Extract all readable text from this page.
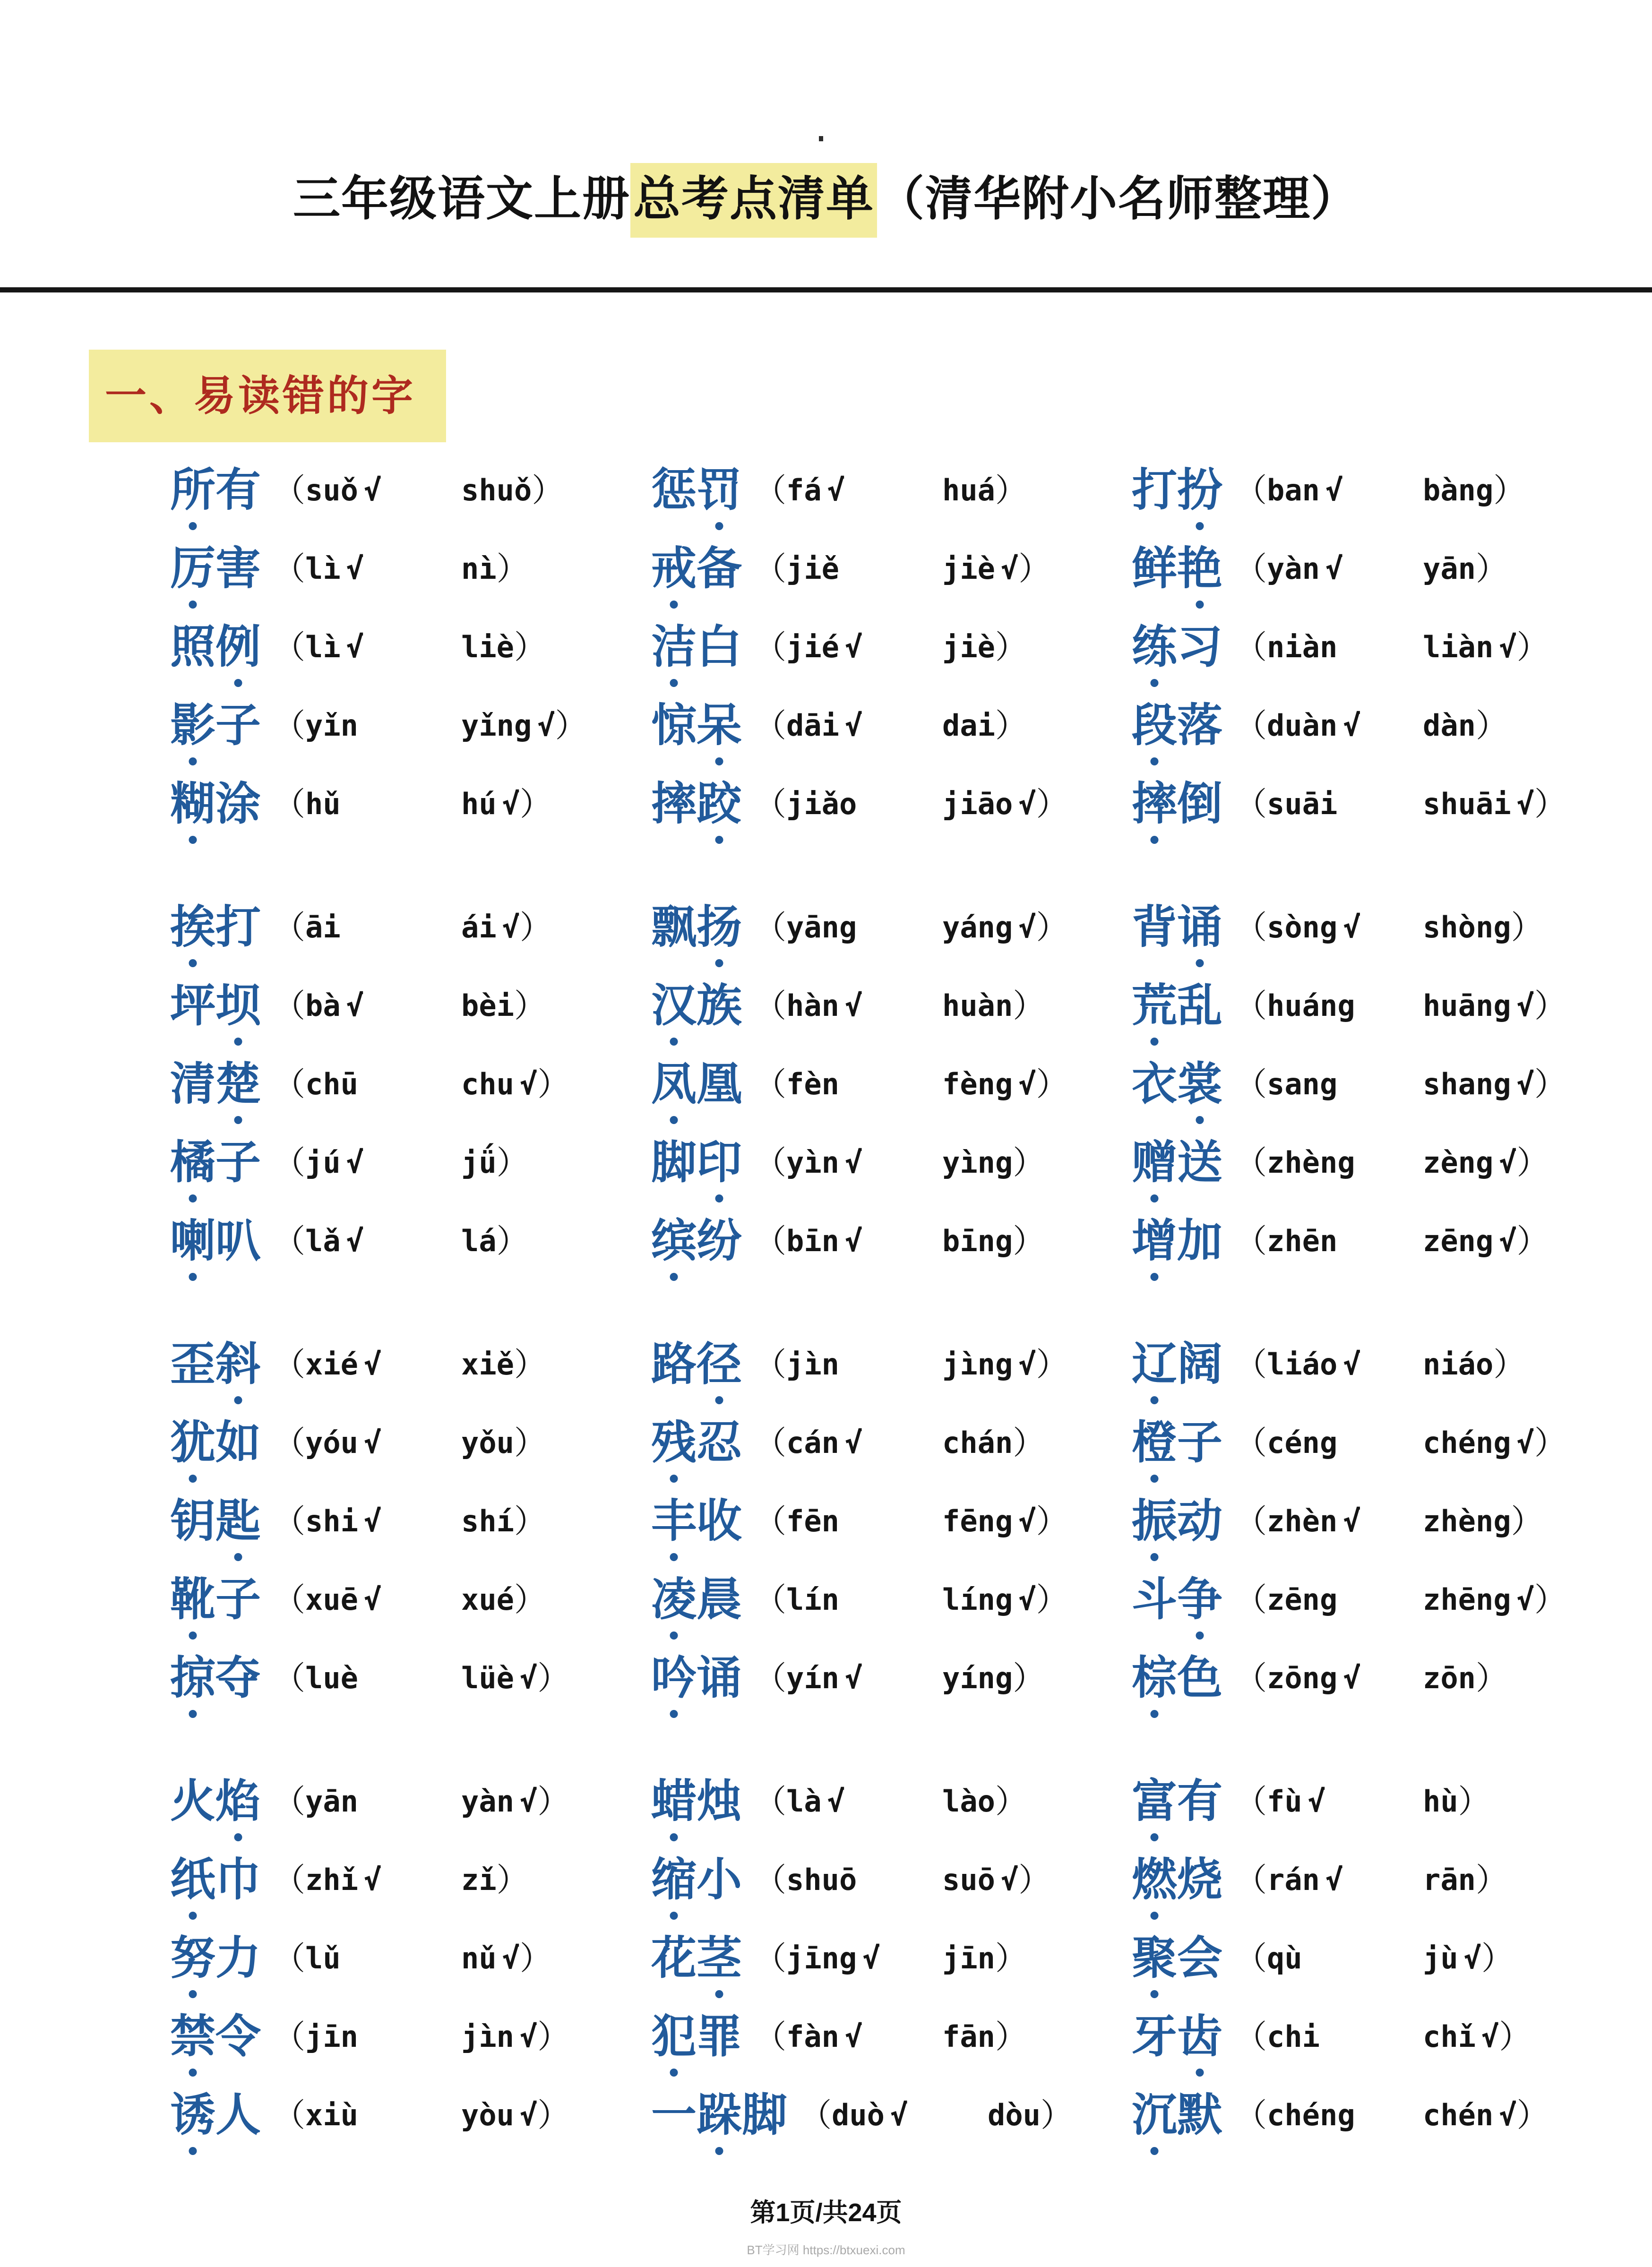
三年级语文上册总考点清单（清华附小名师整理）
一、易读错的字
所 有 （ suǒ √	shuǒ ）
厉 害 （ lì √	nì ）
照 例 （ lì √	liè ）
影 子 （ yǐn	yǐng √ ）
糊 涂 （ hǔ	hú √ ）
挨 打 （ āi	ái √ ）
坪 坝 （ bà √	bèi ）
清 楚 （ chū	chu √ ）
橘 子 （ jú √	jǘ ）
喇 叭 （ lǎ √	lá ）
歪 斜 （ xié √	xiě ）
犹 如 （ yóu √	yǒu ）
钥 匙 （ shi √	shí ）
靴 子 （ xuē √	xué ）
掠 夺 （ luè	lüè √ ）
火 焰 （ yān	yàn √ ）
纸 巾 （ zhǐ √	zǐ ）
努 力 （ lǔ	nǔ √ ）
禁 令 （ jīn	jìn √ ）
诱 人 （ xiù	yòu √ ）
惩 罚 （ fá √	huá ）
戒 备 （ jiě	jiè √ ）
洁 白 （ jié √	jiè ）
惊 呆 （ dāi √	dai ）
摔 跤 （ jiǎo	jiāo √ ）
飘 扬 （ yāng	yáng √ ）
汉 族 （ hàn √	huàn ）
凤 凰 （ fèn	fèng √ ）
脚 印 （ yìn √	yìng ）
缤 纷 （ bīn √	bīng ）
路 径 （ jìn	jìng √ ）
残 忍 （ cán √	chán ）
丰 收 （ fēn	fēng √ ）
凌 晨 （ lín	líng √ ）
吟 诵 （ yín √	yíng ）
蜡 烛 （ là √	lào ）
缩 小 （ shuō	suō √ ）
花 茎 （ jīng √	jīn ）
犯 罪 （ fàn √	fān ）
一 跺 脚 （ duò √	dòu ）
打 扮 （ ban √	bàng ）
鲜 艳 （ yàn √	yān ）
练 习 （ niàn	liàn √ ）
段 落 （ duàn √	dàn ）
摔 倒 （ suāi	shuāi √ ）
背 诵 （ sòng √	shòng ）
荒 乱 （ huáng	huāng √ ）
衣 裳 （ sang	shang √ ）
赠 送 （ zhèng	zèng √ ）
增 加 （ zhēn	zēng √ ）
辽 阔 （ liáo √	niáo ）
橙 子 （ céng	chéng √ ）
振 动 （ zhèn √	zhèng ）
斗 争 （ zēng	zhēng √ ）
棕 色 （ zōng √	zōn ）
富 有 （ fù √	hù ）
燃 烧 （ rán √	rān ）
聚 会 （ qù	jù √ ）
牙 齿 （ chi	chǐ √ ）
沉 默 （ chéng	chén √ ）
第1页/共24页
BT学习网 https://btxuexi.com
